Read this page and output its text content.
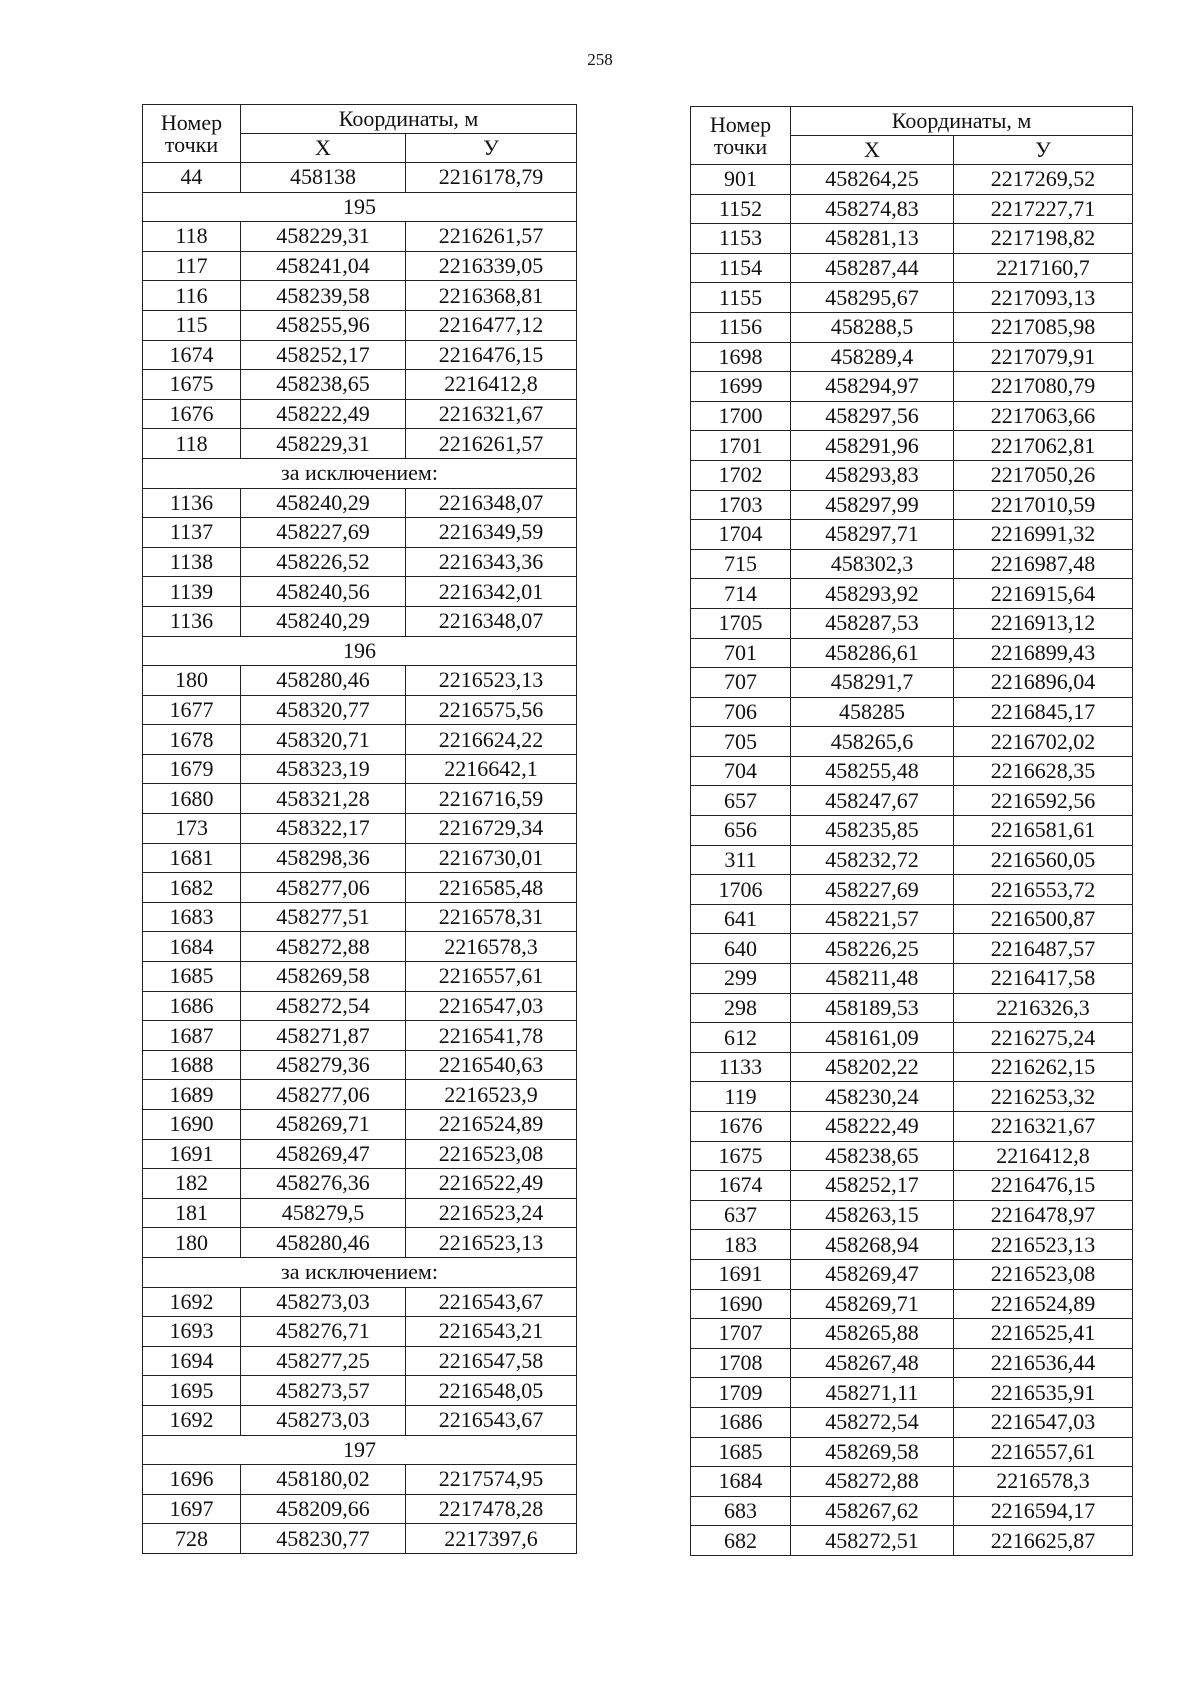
258
Номер
точки	Координаты, м	
	X	У
44	458138	2216178,79
195		
118	458229,31	2216261,57
117	458241,04	2216339,05
116	458239,58	2216368,81
115	458255,96	2216477,12
1674	458252,17	2216476,15
1675	458238,65	2216412,8
1676	458222,49	2216321,67
118	458229,31	2216261,57
за исключением:		
1136	458240,29	2216348,07
1137	458227,69	2216349,59
1138	458226,52	2216343,36
1139	458240,56	2216342,01
1136	458240,29	2216348,07
196		
180	458280,46	2216523,13
1677	458320,77	2216575,56
1678	458320,71	2216624,22
1679	458323,19	2216642,1
1680	458321,28	2216716,59
173	458322,17	2216729,34
1681	458298,36	2216730,01
1682	458277,06	2216585,48
1683	458277,51	2216578,31
1684	458272,88	2216578,3
1685	458269,58	2216557,61
1686	458272,54	2216547,03
1687	458271,87	2216541,78
1688	458279,36	2216540,63
1689	458277,06	2216523,9
1690	458269,71	2216524,89
1691	458269,47	2216523,08
182	458276,36	2216522,49
181	458279,5	2216523,24
180	458280,46	2216523,13
за исключением:		
1692	458273,03	2216543,67
1693	458276,71	2216543,21
1694	458277,25	2216547,58
1695	458273,57	2216548,05
1692	458273,03	2216543,67
197		
1696	458180,02	2217574,95
1697	458209,66	2217478,28
728	458230,77	2217397,6
Номер
точки	Координаты, м	
	X	У
901	458264,25	2217269,52
1152	458274,83	2217227,71
1153	458281,13	2217198,82
1154	458287,44	2217160,7
1155	458295,67	2217093,13
1156	458288,5	2217085,98
1698	458289,4	2217079,91
1699	458294,97	2217080,79
1700	458297,56	2217063,66
1701	458291,96	2217062,81
1702	458293,83	2217050,26
1703	458297,99	2217010,59
1704	458297,71	2216991,32
715	458302,3	2216987,48
714	458293,92	2216915,64
1705	458287,53	2216913,12
701	458286,61	2216899,43
707	458291,7	2216896,04
706	458285	2216845,17
705	458265,6	2216702,02
704	458255,48	2216628,35
657	458247,67	2216592,56
656	458235,85	2216581,61
311	458232,72	2216560,05
1706	458227,69	2216553,72
641	458221,57	2216500,87
640	458226,25	2216487,57
299	458211,48	2216417,58
298	458189,53	2216326,3
612	458161,09	2216275,24
1133	458202,22	2216262,15
119	458230,24	2216253,32
1676	458222,49	2216321,67
1675	458238,65	2216412,8
1674	458252,17	2216476,15
637	458263,15	2216478,97
183	458268,94	2216523,13
1691	458269,47	2216523,08
1690	458269,71	2216524,89
1707	458265,88	2216525,41
1708	458267,48	2216536,44
1709	458271,11	2216535,91
1686	458272,54	2216547,03
1685	458269,58	2216557,61
1684	458272,88	2216578,3
683	458267,62	2216594,17
682	458272,51	2216625,87
